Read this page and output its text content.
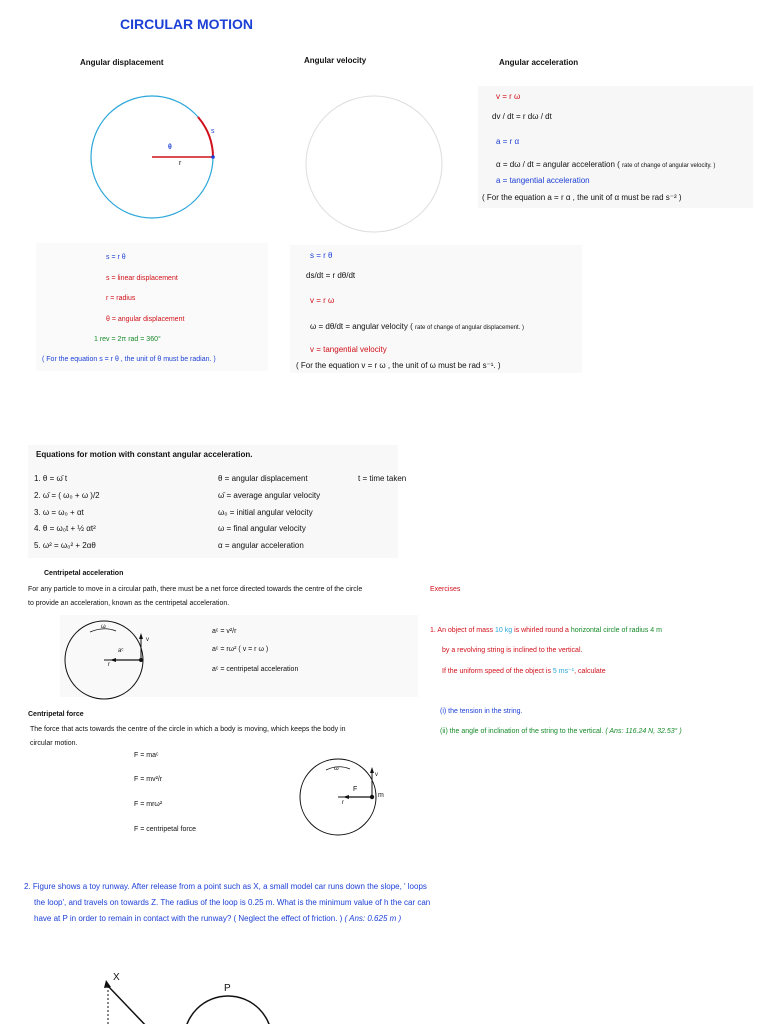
CIRCULAR MOTION
Angular displacement	Angular velocity	Angular acceleration
θ
s
r
v = r ω
dv / dt = r dω / dt
a = r α
α = dω / dt = angular acceleration ( rate of change of angular velocity. )
a = tangential acceleration
( For the equation a = r α , the unit of α must be rad s⁻² )
s = r θ
s = linear displacement
r = radius
θ = angular displacement
1 rev = 2π rad = 360°
( For the equation s = r θ , the unit of θ must be radian. )
s = r θ
ds/dt = r dθ/dt
v = r ω
ω = dθ/dt = angular velocity ( rate of change of angular displacement. )
v = tangential velocity
( For the equation v = r ω , the unit of ω must be rad s⁻¹. )
Equations for motion with constant angular acceleration.
1. θ = ω̄ t
2. ω̄ = ( ω₀ + ω )/2
3. ω = ω₀ + αt
4. θ = ω₀t + ½ αt²
5. ω² = ω₀² + 2αθ
θ = angular displacement
ω̄ = average angular velocity
ω₀ = initial angular velocity
ω = final angular velocity
α = angular acceleration
t = time taken
Centripetal acceleration
For any particle to move in a circular path, there must be a net force directed towards the centre of the circle
to provide an acceleration, known as the centripetal acceleration.
ω
v
aᶜ
r
aᶜ = v²/r
aᶜ = rω² ( v = r ω )
aᶜ = centripetal acceleration
Centripetal force
The force that acts towards the centre of the circle in which a body is moving, which keeps the body in
circular motion.
F = maᶜ
F = mv²/r
F = mrω²
F = centripetal force
ω
v
F
m
r
Exercises
1. An object of mass 10 kg is whirled round a horizontal circle of radius 4 m
by a revolving string is inclined to the vertical.
If the uniform speed of the object is 5 ms⁻¹, calculate
(i) the tension in the string.
(ii) the angle of inclination of the string to the vertical. ( Ans: 116.24 N, 32.53° )
2. Figure shows a toy runway. After release from a point such as X, a small model car runs down the slope, ' loops
the loop', and travels on towards Z. The radius of the loop is 0.25 m. What is the minimum value of h the car can
have at P in order to remain in contact with the runway? ( Neglect the effect of friction. ) ( Ans: 0.625 m )
X
P
